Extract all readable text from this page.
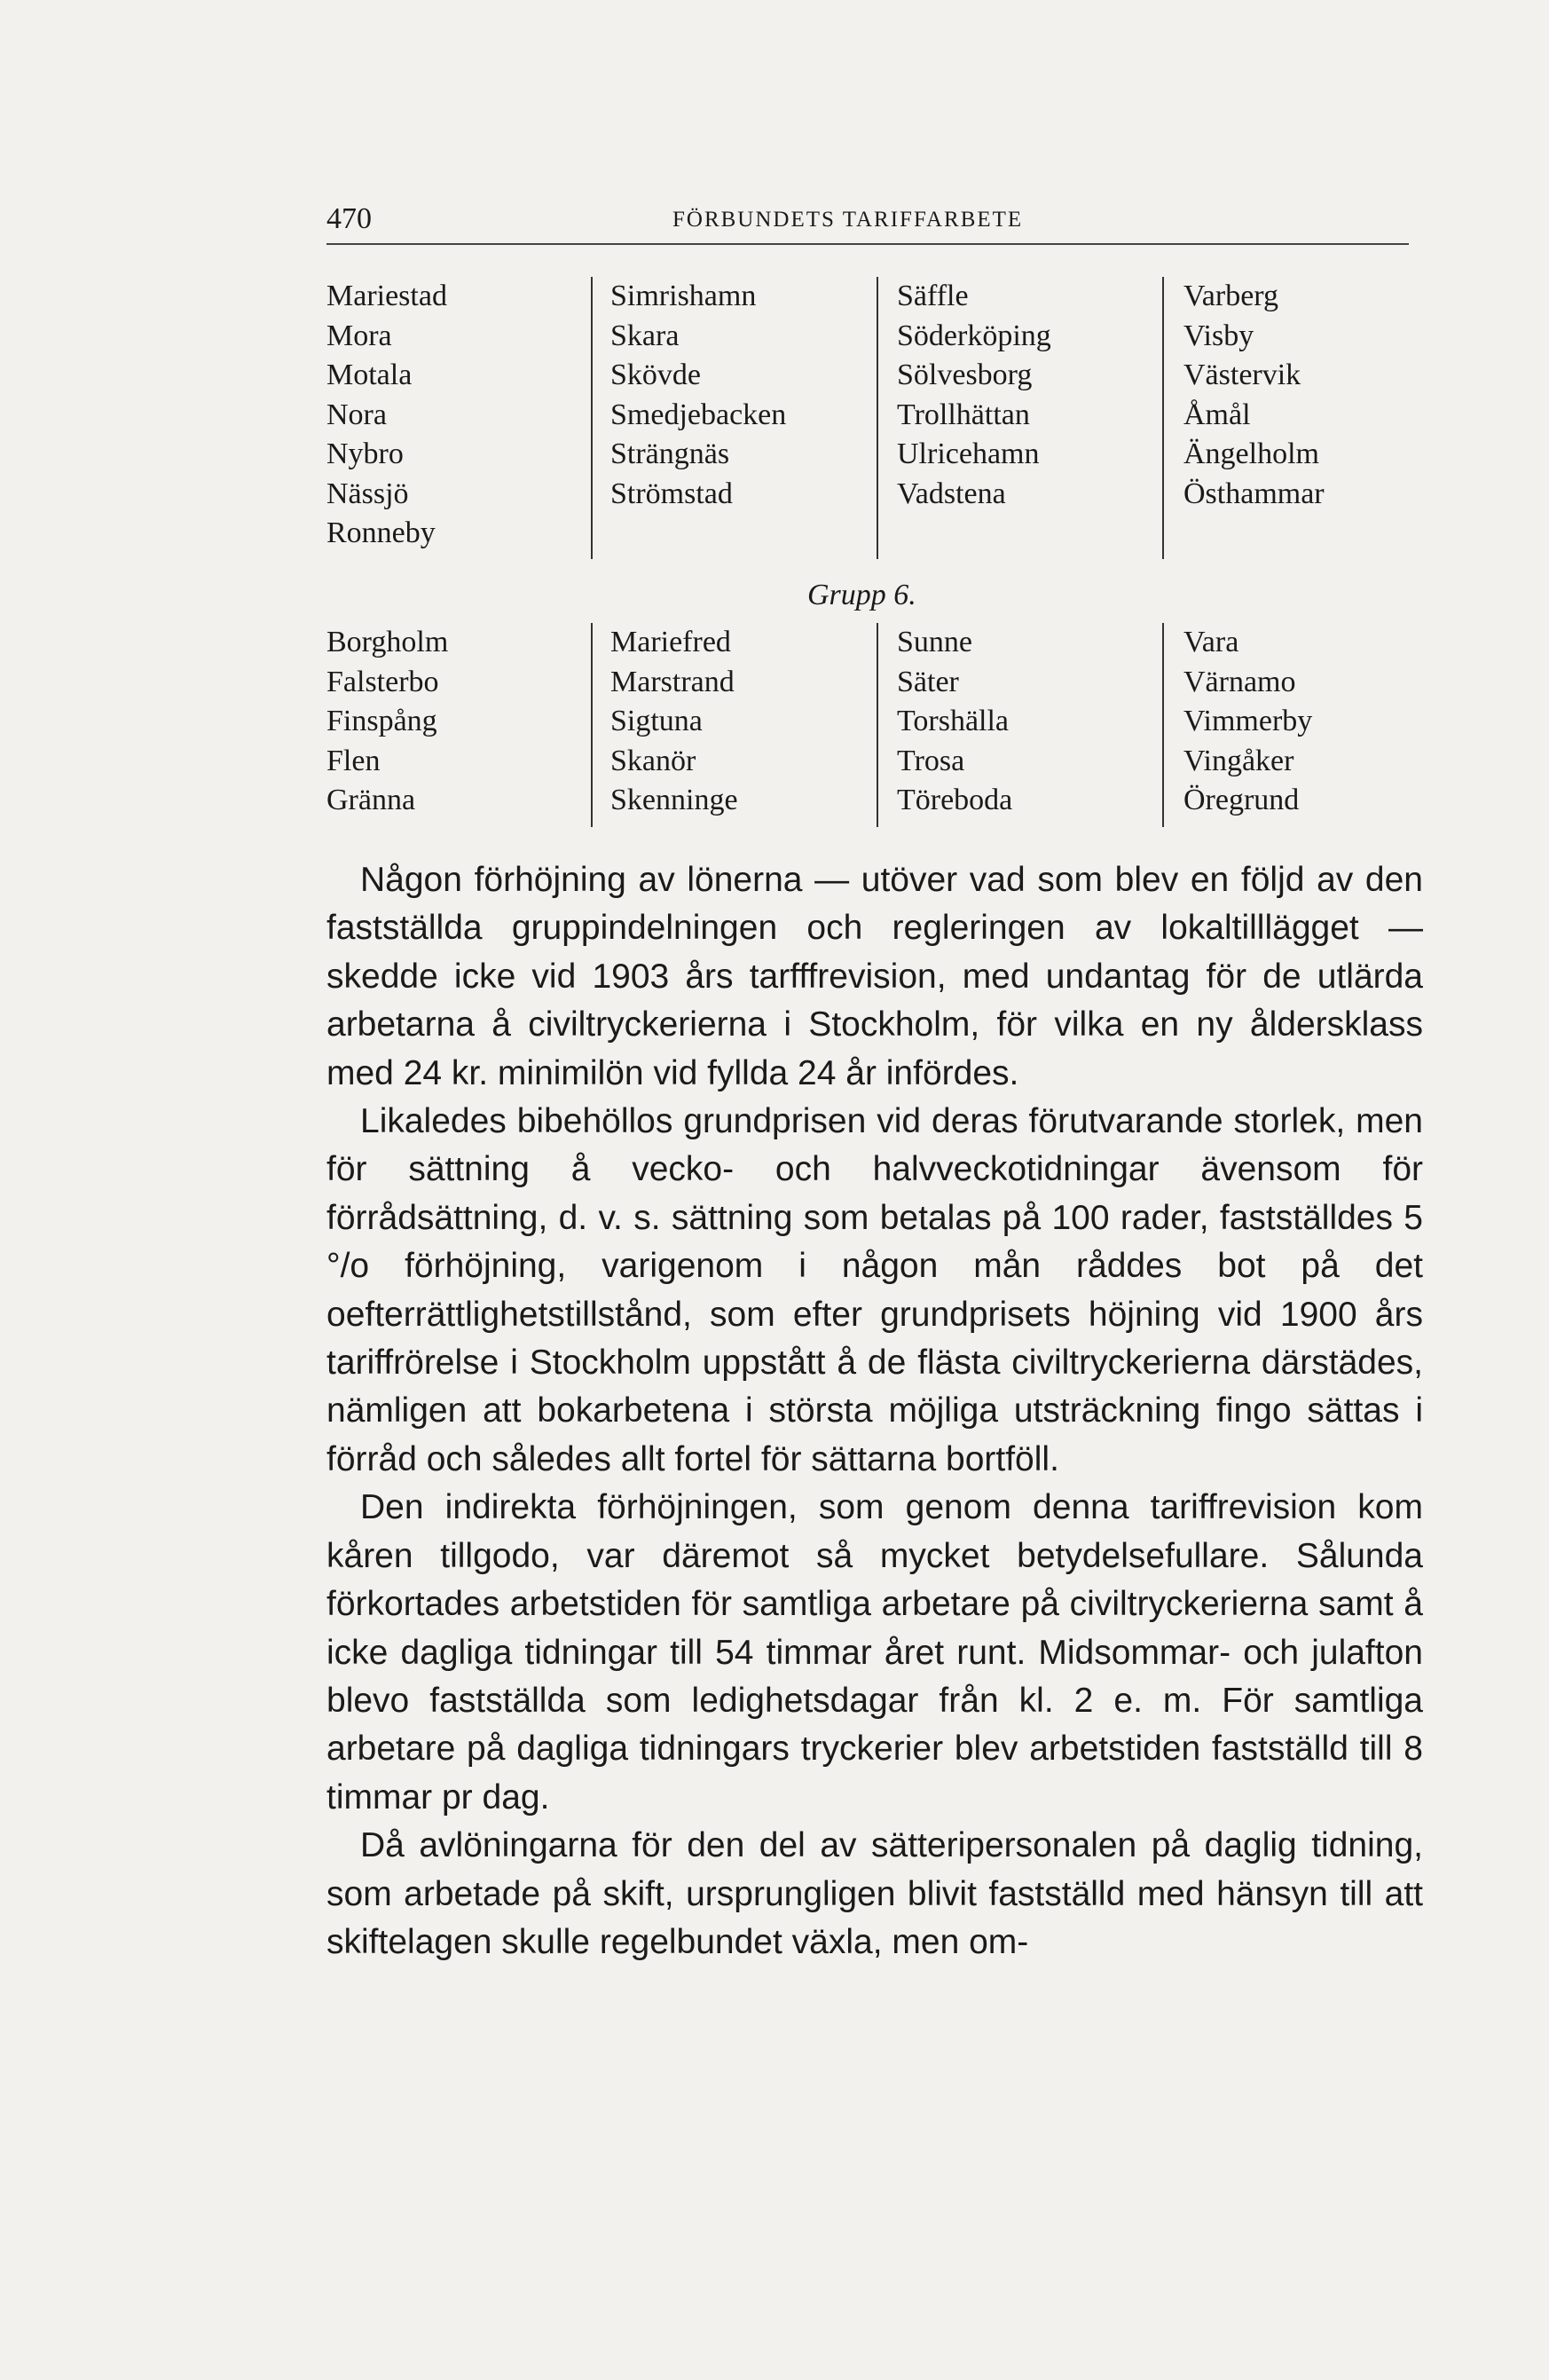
470	FÖRBUNDETS TARIFFARBETE
Mariestad
Mora
Motala
Nora
Nybro
Nässjö
Ronneby
Simrishamn
Skara
Skövde
Smedjebacken
Strängnäs
Strömstad
Säffle
Söderköping
Sölvesborg
Trollhättan
Ulricehamn
Vadstena
Varberg
Visby
Västervik
Åmål
Ängelholm
Östhammar
Grupp 6.
Borgholm
Falsterbo
Finspång
Flen
Gränna
Mariefred
Marstrand
Sigtuna
Skanör
Skenninge
Sunne
Säter
Torshälla
Trosa
Töreboda
Vara
Värnamo
Vimmerby
Vingåker
Öregrund

Någon förhöjning av lönerna — utöver vad som blev en följd av den fastställda gruppindelningen och regleringen av lokaltilllägget — skedde icke vid 1903 års tarfffrevision, med undantag för de utlärda arbetarna å civiltryckerierna i Stockholm, för vilka en ny åldersklass med 24 kr. minimilön vid fyllda 24 år infördes.

Likaledes bibehöllos grundprisen vid deras förutvarande storlek, men för sättning å vecko- och halvveckotidningar ävensom för förrådsättning, d. v. s. sättning som betalas på 100 rader, fastställdes 5 °/o förhöjning, varigenom i någon mån råddes bot på det oefterrättlighetstillstånd, som efter grundprisets höjning vid 1900 års tariffrörelse i Stockholm uppstått å de flästa civiltryckerierna därstädes, nämligen att bokarbetena i största möjliga utsträckning fingo sättas i förråd och således allt fortel för sättarna bortföll.

Den indirekta förhöjningen, som genom denna tariffrevision kom kåren tillgodo, var däremot så mycket betydelsefullare. Sålunda förkortades arbetstiden för samtliga arbetare på civiltryckerierna samt å icke dagliga tidningar till 54 timmar året runt. Midsommar- och julafton blevo fastställda som ledighetsdagar från kl. 2 e. m. För samtliga arbetare på dagliga tidningars tryckerier blev arbetstiden fastställd till 8 timmar pr dag.

Då avlöningarna för den del av sätteripersonalen på daglig tidning, som arbetade på skift, ursprungligen blivit fastställd med hänsyn till att skiftelagen skulle regelbundet växla, men om-
